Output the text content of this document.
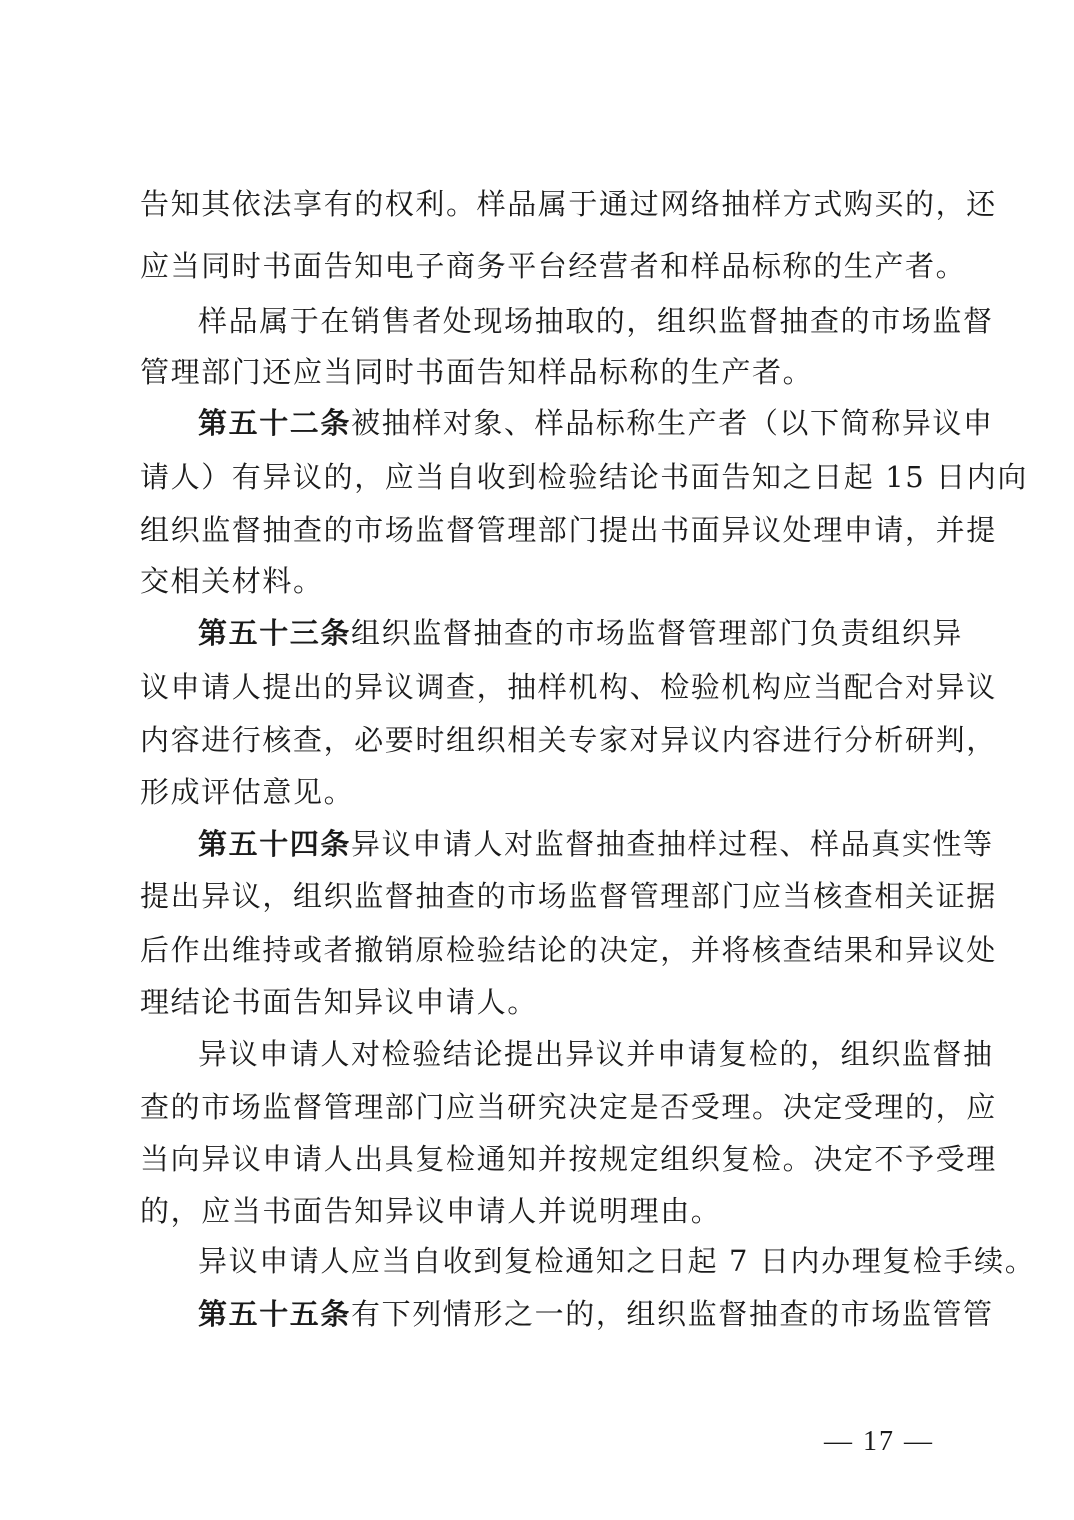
告知其依法享有的权利。样品属于通过网络抽样方式购买的，还
应当同时书面告知电子商务平台经营者和样品标称的生产者。
样品属于在销售者处现场抽取的，组织监督抽查的市场监督
管理部门还应当同时书面告知样品标称的生产者。
第五十二条被抽样对象、样品标称生产者（以下简称异议申
请人）有异议的，应当自收到检验结论书面告知之日起 15 日内向
组织监督抽查的市场监督管理部门提出书面异议处理申请，并提
交相关材料。
第五十三条组织监督抽查的市场监督管理部门负责组织异
议申请人提出的异议调查，抽样机构、检验机构应当配合对异议
内容进行核查，必要时组织相关专家对异议内容进行分析研判，
形成评估意见。
第五十四条异议申请人对监督抽查抽样过程、样品真实性等
提出异议，组织监督抽查的市场监督管理部门应当核查相关证据
后作出维持或者撤销原检验结论的决定，并将核查结果和异议处
理结论书面告知异议申请人。
异议申请人对检验结论提出异议并申请复检的，组织监督抽
查的市场监督管理部门应当研究决定是否受理。决定受理的，应
当向异议申请人出具复检通知并按规定组织复检。决定不予受理
的，应当书面告知异议申请人并说明理由。
异议申请人应当自收到复检通知之日起 7 日内办理复检手续。
第五十五条有下列情形之一的，组织监督抽查的市场监管管
— 17 —
